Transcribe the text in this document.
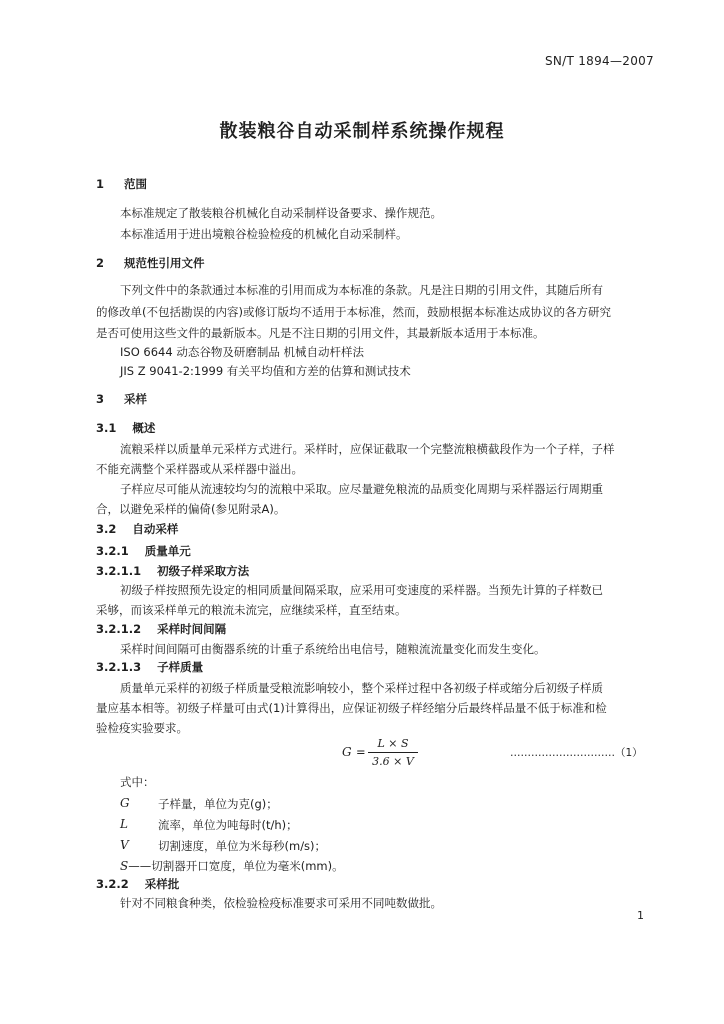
SN/T 1894—2007
散装粮谷自动采制样系统操作规程
1 范围
本标准规定了散装粮谷机械化自动采制样设备要求、操作规范。
本标准适用于进出境粮谷检验检疫的机械化自动采制样。
2 规范性引用文件
下列文件中的条款通过本标准的引用而成为本标准的条款。凡是注日期的引用文件，其随后所有
的修改单(不包括勘误的内容)或修订版均不适用于本标准，然而，鼓励根据本标准达成协议的各方研究
是否可使用这些文件的最新版本。凡是不注日期的引用文件，其最新版本适用于本标准。
ISO 6644 动态谷物及研磨制品 机械自动杆样法
JIS Z 9041-2:1999 有关平均值和方差的估算和测试技术
3 采样
3.1 概述
流粮采样以质量单元采样方式进行。采样时，应保证截取一个完整流粮横截段作为一个子样，子样
不能充满整个采样器或从采样器中溢出。
子样应尽可能从流速较均匀的流粮中采取。应尽量避免粮流的品质变化周期与采样器运行周期重
合，以避免采样的偏倚(参见附录A)。
3.2 自动采样
3.2.1 质量单元
3.2.1.1 初级子样采取方法
初级子样按照预先设定的相同质量间隔采取，应采用可变速度的采样器。当预先计算的子样数已
采够，而该采样单元的粮流未流完，应继续采样，直至结束。
3.2.1.2 采样时间间隔
采样时间间隔可由衡器系统的计重子系统给出电信号，随粮流流量变化而发生变化。
3.2.1.3 子样质量
质量单元采样的初级子样质量受粮流影响较小，整个采样过程中各初级子样或缩分后初级子样质
量应基本相等。初级子样量可由式(1)计算得出，应保证初级子样经缩分后最终样品量不低于标准和检
验检疫实验要求。
$G = \frac{L \times S}{3.6 \times V}$	…………………………（1）
式中：
G 子样量，单位为克(g)；
L	流率，单位为吨每时(t/h)；
V	切割速度，单位为米每秒(m/s)；
S——切割器开口宽度，单位为毫米(mm)。
3.2.2 采样批
针对不同粮食种类，依检验检疫标准要求可采用不同吨数做批。
1
